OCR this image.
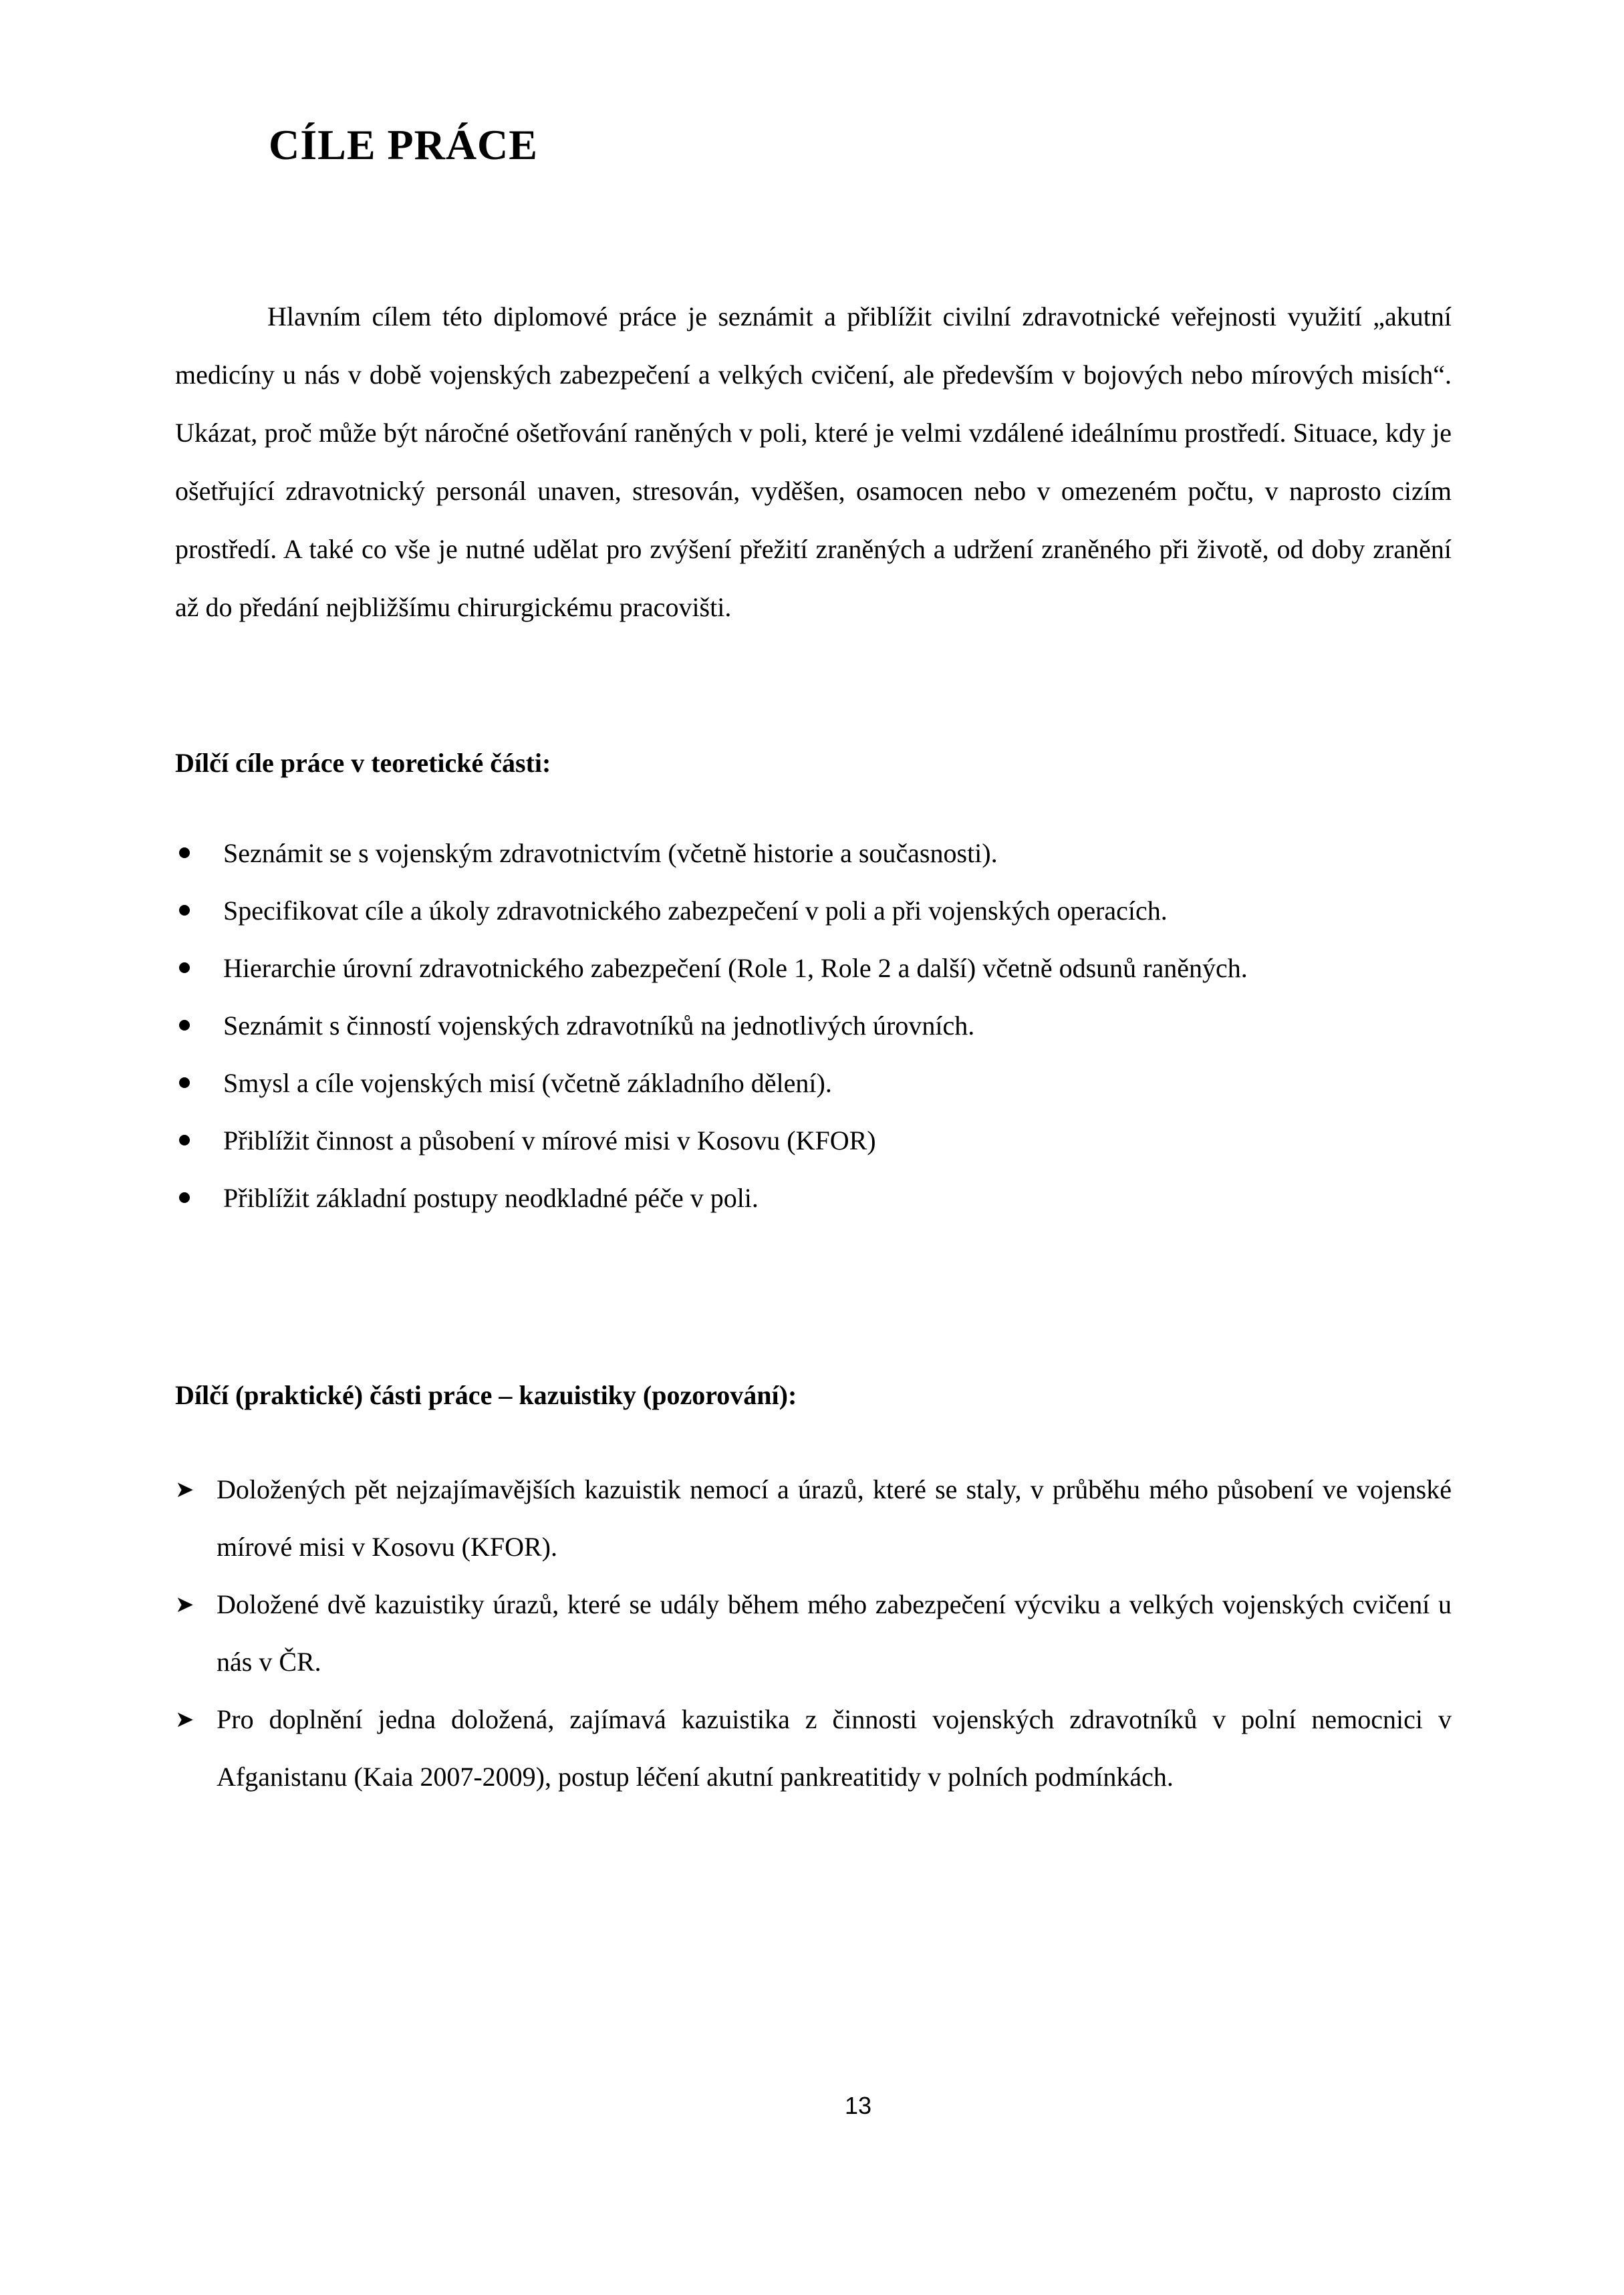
CÍLE PRÁCE

Hlavním cílem této diplomové práce je seznámit a přiblížit civilní zdravotnické veřejnosti využití „akutní medicíny u nás v době vojenských zabezpečení a velkých cvičení, ale především v bojových nebo mírových misích“. Ukázat, proč může být náročné ošetřování raněných v poli, které je velmi vzdálené ideálnímu prostředí. Situace, kdy je ošetřující zdravotnický personál unaven, stresován, vyděšen, osamocen nebo v omezeném počtu, v naprosto cizím prostředí. A také co vše je nutné udělat pro zvýšení přežití zraněných a udržení zraněného při životě, od doby zranění až do předání nejbližšímu chirurgickému pracovišti.

Dílčí cíle práce v teoretické části:
Seznámit se s vojenským zdravotnictvím (včetně historie a současnosti).
Specifikovat cíle a úkoly zdravotnického zabezpečení v poli a při vojenských operacích.
Hierarchie úrovní zdravotnického zabezpečení (Role 1, Role 2 a další) včetně odsunů raněných.
Seznámit s činností vojenských zdravotníků na jednotlivých úrovních.
Smysl a cíle vojenských misí (včetně základního dělení).
Přiblížit činnost a působení v mírové misi v Kosovu (KFOR)
Přiblížit základní postupy neodkladné péče v poli.
Dílčí (praktické) části práce – kazuistiky (pozorování):
➤ Doložených pět nejzajímavějších kazuistik nemocí a úrazů, které se staly, v průběhu mého působení ve vojenské mírové misi v Kosovu (KFOR).
➤ Doložené dvě kazuistiky úrazů, které se udály během mého zabezpečení výcviku a velkých vojenských cvičení u nás v ČR.
➤ Pro doplnění jedna doložená, zajímavá kazuistika z činnosti vojenských zdravotníků v polní nemocnici v Afganistanu (Kaia 2007-2009), postup léčení akutní pankreatitidy v polních podmínkách.

13
